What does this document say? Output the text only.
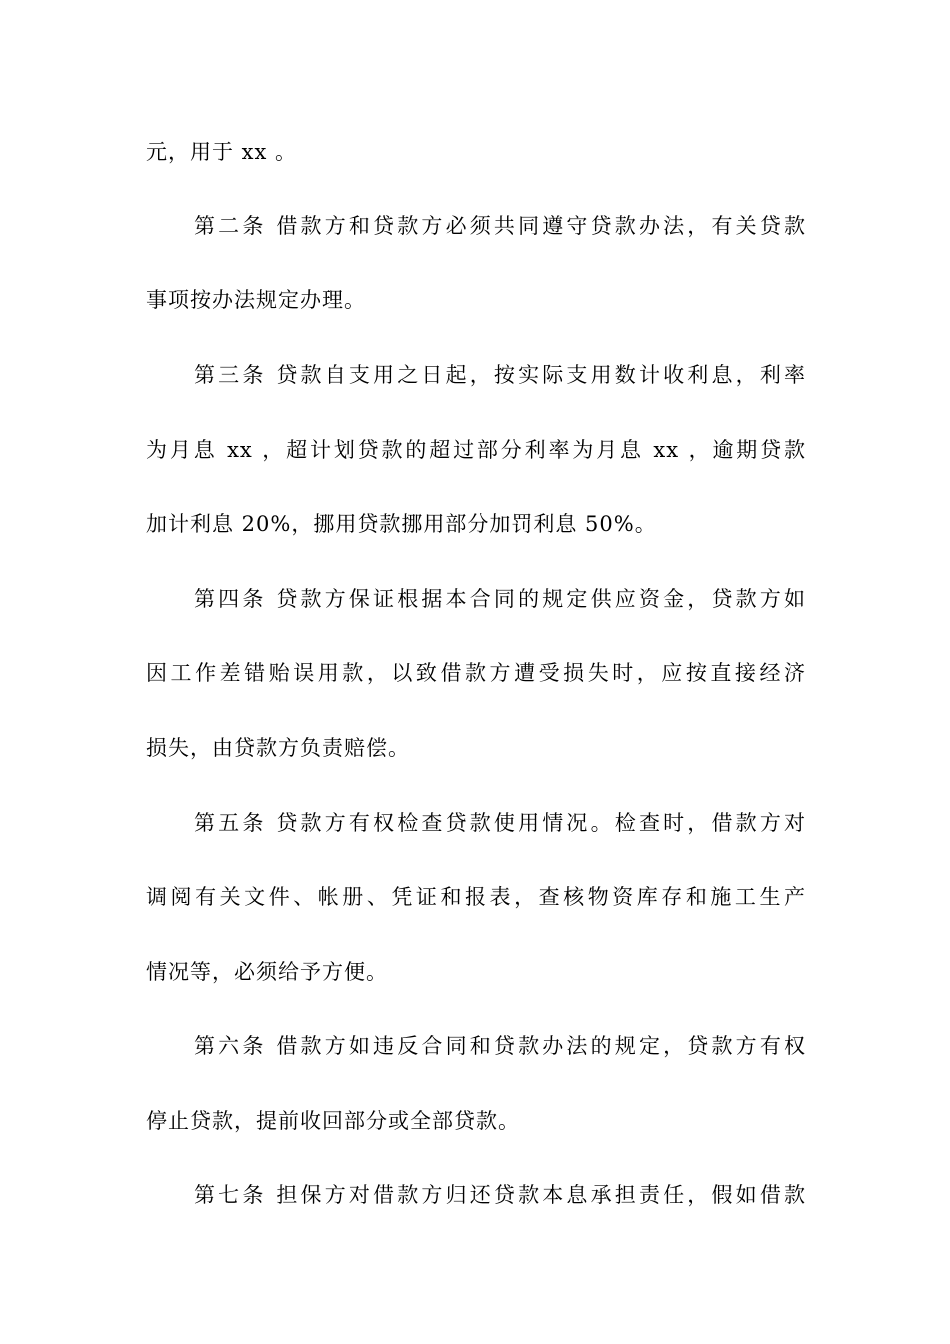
元，用于 xx 。
第二条 借款方和贷款方必须共同遵守贷款办法，有关贷款
事项按办法规定办理。
第三条 贷款自支用之日起，按实际支用数计收利息，利率
为月息 xx ，超计划贷款的超过部分利率为月息 xx ，逾期贷款
加计利息 20%，挪用贷款挪用部分加罚利息 50%。
第四条 贷款方保证根据本合同的规定供应资金，贷款方如
因工作差错贻误用款，以致借款方遭受损失时，应按直接经济
损失，由贷款方负责赔偿。
第五条 贷款方有权检查贷款使用情况。检查时，借款方对
调阅有关文件、帐册、凭证和报表，查核物资库存和施工生产
情况等，必须给予方便。
第六条 借款方如违反合同和贷款办法的规定，贷款方有权
停止贷款，提前收回部分或全部贷款。
第七条 担保方对借款方归还贷款本息承担责任，假如借款
